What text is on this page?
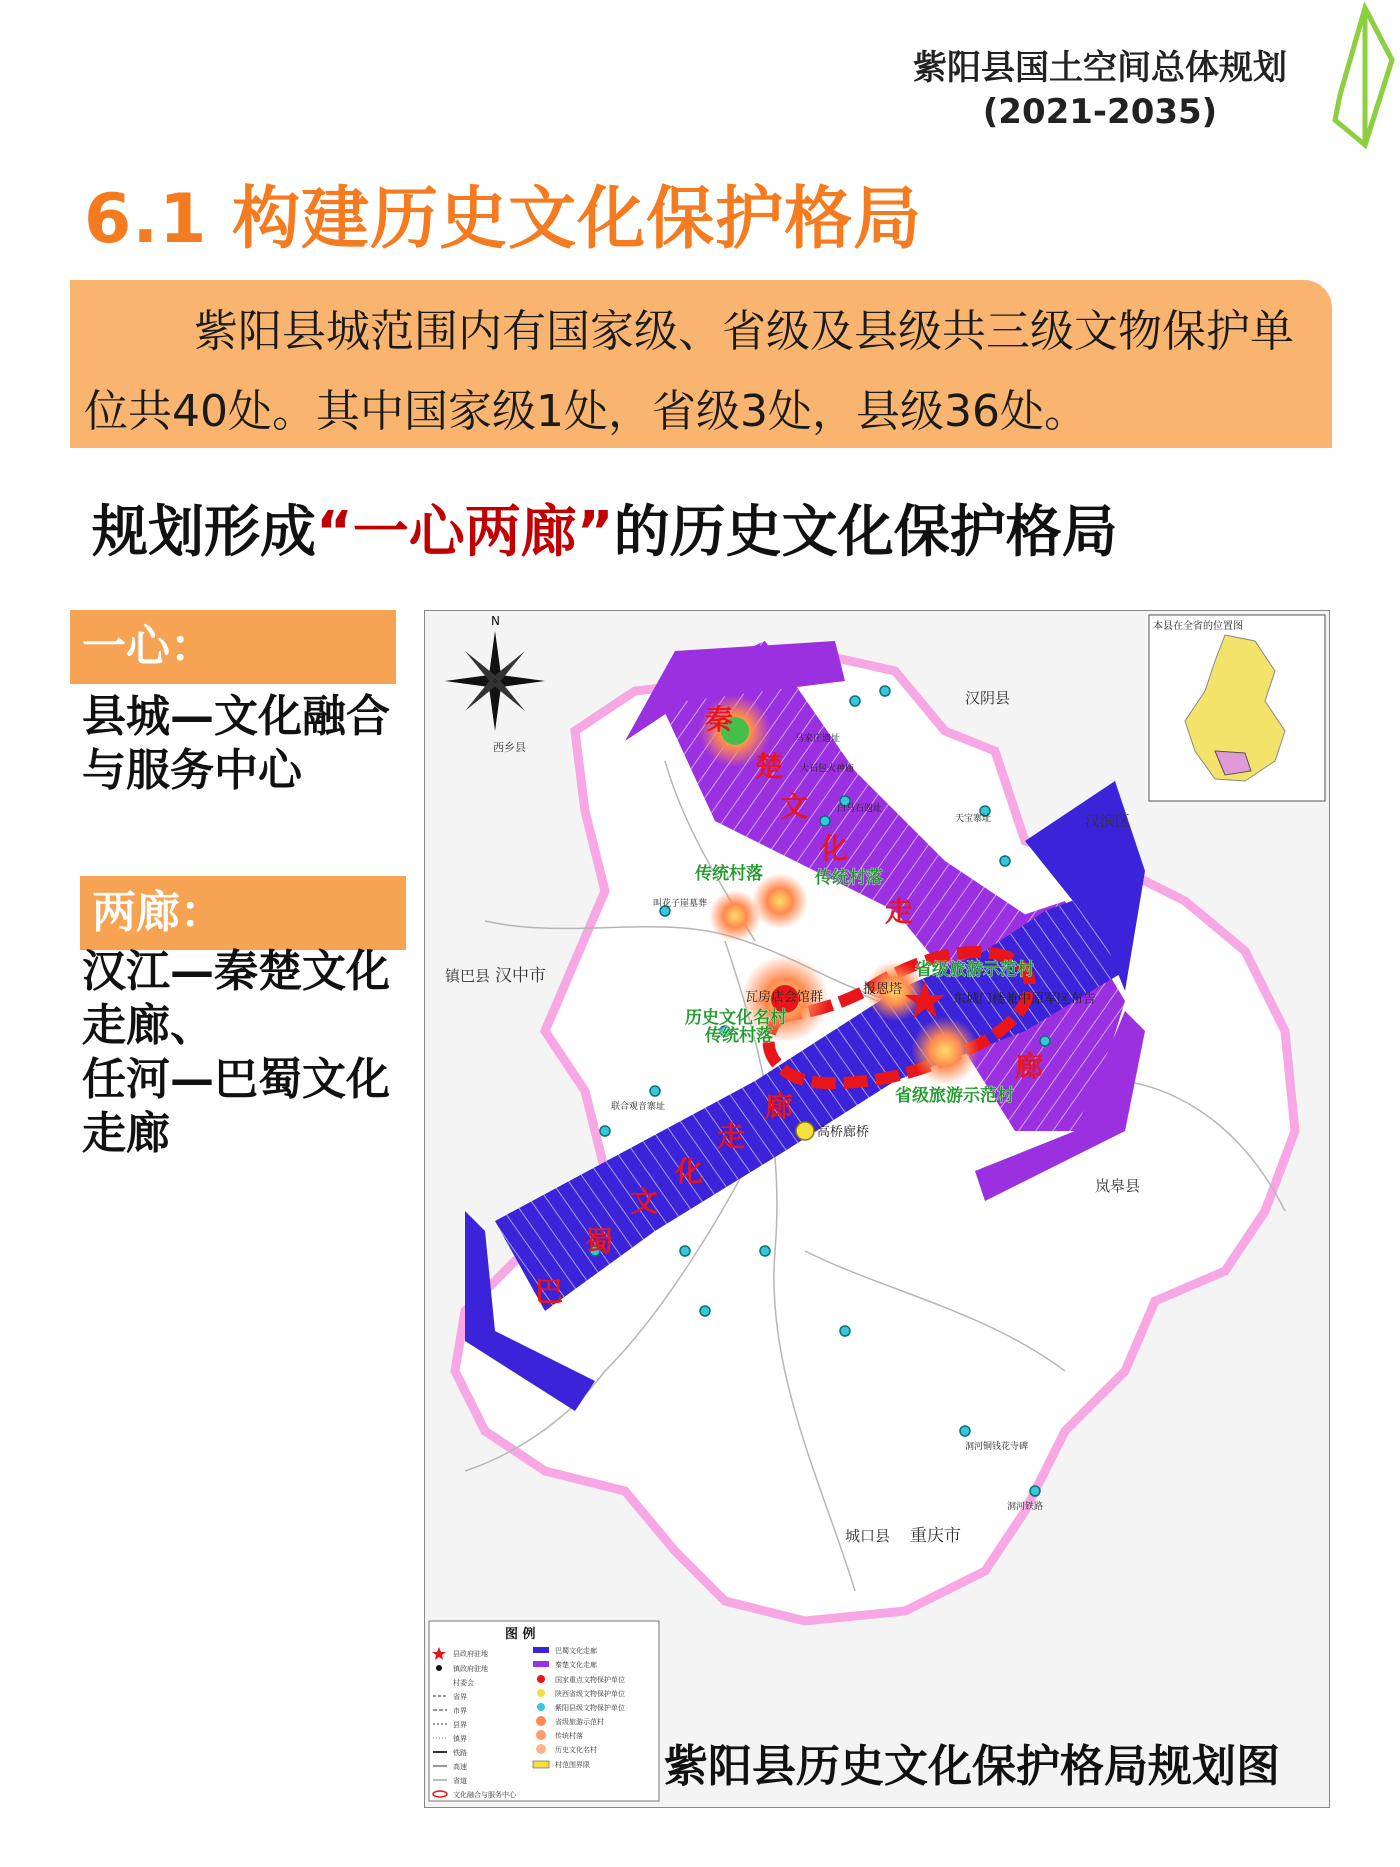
紫阳县国土空间总体规划
(2021-2035)
6.1 构建历史文化保护格局
紫阳县城范围内有国家级、省级及县级共三级文物保护单位共40处。其中国家级1处，省级3处，县级36处。
规划形成“一心两廊”的历史文化保护格局
一心：
县城—文化融合
与服务中心
两廊：
汉江—秦楚文化
走廊、
任河—巴蜀文化
走廊
N
秦
楚
文
化
走
廊
巴
蜀
文
化
走
廊
传统村落	传统村落
省级旅游示范村
历史文化名村
传统村落
省级旅游示范村
瓦房店会馆群
报恩塔
东城门楼兼中原军区布告
高桥廊桥
马家庄遗址
大石包火神庙
白马石遗址
天宝寨址
叫花子崖墓葬
联合观音寨址
洞河铜钱花寺碑
洞河铁路
汉阴县
汉滨区
岚皋县
镇巴县 汉中市
城口县 重庆市
西乡县
本县在全省的位置图
图 例
县政府驻地
镇政府驻地
村委会
省界
市界
县界
镇界
铁路
高速
省道
文化融合与服务中心
巴蜀文化走廊
秦楚文化走廊
国家重点文物保护单位
陕西省级文物保护单位
紫阳县级文物保护单位
省级旅游示范村
传统村落
历史文化名村
村范围界限 紫阳县历史文化保护格局规划图
